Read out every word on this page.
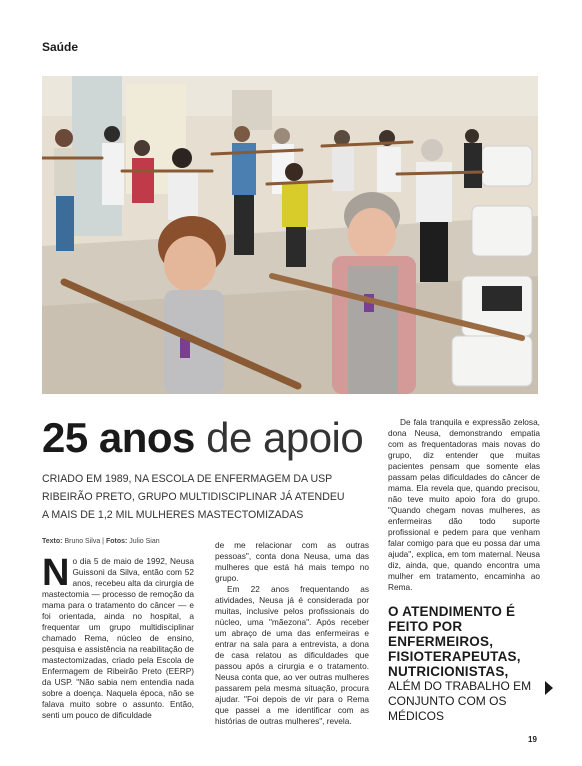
Saúde
25 anos de apoio
CRIADO EM 1989, NA ESCOLA DE ENFERMAGEM DA USP RIBEIRÃO PRETO, GRUPO MULTIDISCIPLINAR JÁ ATENDEU A MAIS DE 1,2 MIL MULHERES MASTECTOMIZADAS
Texto: Bruno Silva | Fotos: Julio Sian

No dia 5 de maio de 1992, Neusa Guissoni da Silva, então com 52 anos, recebeu alta da cirurgia de mastectomia — processo de remoção da mama para o tratamento do câncer — e foi orientada, ainda no hospital, a frequentar um grupo multidisciplinar chamado Rema, núcleo de ensino, pesquisa e assistência na reabilitação de mastectomizadas, criado pela Escola de Enfermagem de Ribeirão Preto (EERP) da USP. "Não sabia nem entendia nada sobre a doença. Naquela época, não se falava muito sobre o assunto. Então, senti um pouco de dificuldade

de me relacionar com as outras pessoas", conta dona Neusa, uma das mulheres que está há mais tempo no grupo.

Em 22 anos frequentando as atividades, Neusa já é considerada por muitas, inclusive pelos profissionais do núcleo, uma "mãezona". Após receber um abraço de uma das enfermeiras e entrar na sala para a entrevista, a dona de casa relatou as dificuldades que passou após a cirurgia e o tratamento. Neusa conta que, ao ver outras mulheres passarem pela mesma situação, procura ajudar. "Foi depois de vir para o Rema que passei a me identificar com as histórias de outras mulheres", revela.

De fala tranquila e expressão zelosa, dona Neusa, demonstrando empatia com as frequentadoras mais novas do grupo, diz entender que muitas pacientes pensam que somente elas passam pelas dificuldades do câncer de mama. Ela revela que, quando precisou, não teve muito apoio fora do grupo. "Quando chegam novas mulheres, as enfermeiras dão todo suporte profissional e pedem para que venham falar comigo para que eu possa dar uma ajuda", explica, em tom maternal. Neusa diz, ainda, que, quando encontra uma mulher em tratamento, encaminha ao Rema.

O ATENDIMENTO É FEITO POR ENFERMEIROS, FISIOTERAPEUTAS, NUTRICIONISTAS,
ALÉM DO TRABALHO EM CONJUNTO COM OS MÉDICOS
19
